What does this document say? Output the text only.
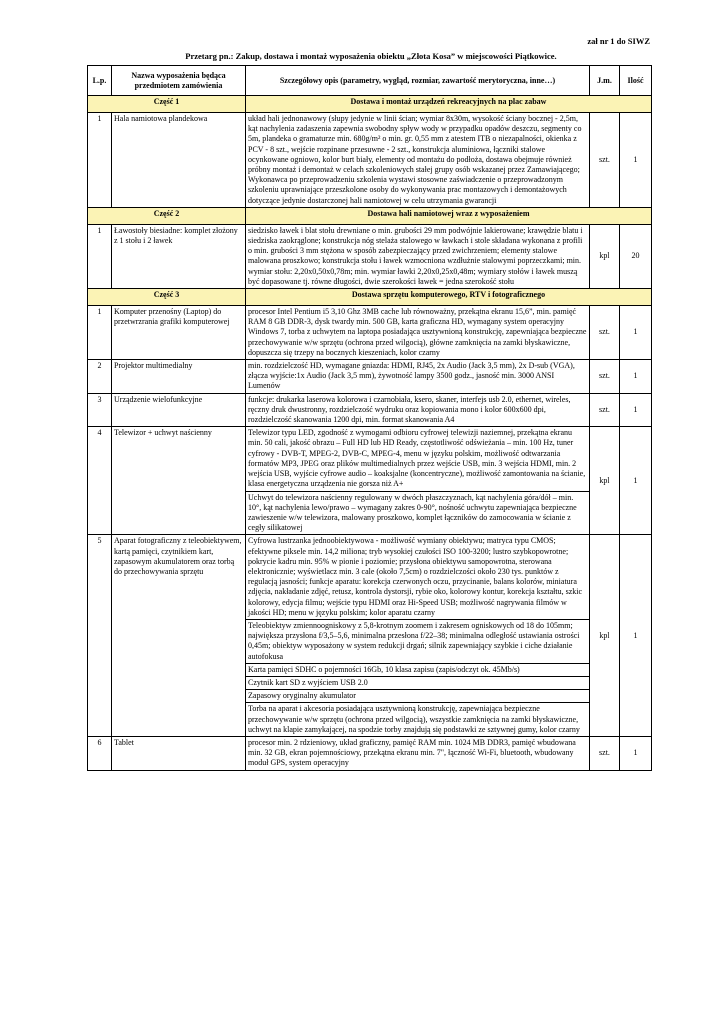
zał nr 1 do SIWZ
Przetarg pn.: Zakup, dostawa i montaż wyposażenia obiektu „Złota Kosa” w miejscowości Piątkowice.
L.p.	Nazwa wyposażenia będąca przedmiotem zamówienia	Szczegółowy opis (parametry, wygląd, rozmiar, zawartość merytoryczna, inne…)	J.m.	Ilość
Część 1		Dostawa i montaż urządzeń rekreacyjnych na plac zabaw		
1	Hala namiotowa plandekowa	układ hali jednonawowy (słupy jedynie w linii ścian; wymiar 8x30m, wysokość ściany bocznej - 2,5m, kąt nachylenia zadaszenia zapewnia swobodny spływ wody w przypadku opadów deszczu, segmenty co 5m, plandeka o gramaturze min. 680g/m² o min. gr. 0,55 mm z atestem ITB o niezapalności, okienka z PCV - 8 szt., wejście rozpinane przesuwne - 2 szt., konstrukcja aluminiowa, łączniki stalowe ocynkowane ogniowo, kolor burt biały, elementy od montażu do podłoża, dostawa obejmuje również próbny montaż i demontaż w celach szkoleniowych stałej grupy osób wskazanej przez Zamawiającego; Wykonawca po przeprowadzeniu szkolenia wystawi stosowne zaświadczenie o przeprowadzonym szkoleniu uprawniające przeszkolone osoby do wykonywania prac montazowych i demontażowych dotyczące jedynie dostarczonej hali namiotowej w celu utrzymania gwarancji	szt.	1
Część 2		Dostawa hali namiotowej wraz z wyposażeniem		
1	Ławostoły biesiadne: komplet złożony z 1 stołu i 2 ławek	siedzisko ławek i blat stołu drewniane o min. grubości 29 mm podwójnie lakierowane; krawędzie blatu i siedziska zaokrąglone; konstrukcja nóg stelaża stalowego w ławkach i stole składana wykonana z profili o min. grubości 3 mm stężona w sposób zabezpieczający przed zwichrzeniem; elementy stalowe malowana proszkowo; konstrukcja stołu i ławek wzmocniona wzdłużnie stalowymi poprzeczkami; min. wymiar stołu: 2,20x0,50x0,78m; min. wymiar ławki 2,20x0,25x0,48m; wymiary stołów i ławek muszą być dopasowane tj. równe długości, dwie szerokości ławek = jedna szerokość stołu	kpl	20
Część 3		Dostawa sprzętu komputerowego, RTV i fotograficznego		
1	Komputer przenośny (Laptop) do przetwrzrania grafiki komputerowej	procesor Intel Pentium i5 3,10 Ghz 3MB cache lub równoważny, przekątna ekranu 15,6”, min. pamięć RAM 8 GB DDR-3, dysk twardy min. 500 GB, karta graficzna HD, wymagany system operacyjny Windows 7, torba z uchwytem na laptopa posiadająca usztywnioną konstrukcję, zapewniająca bezpieczne przechowywanie w/w sprzętu (ochrona przed wilgocią), główne zamknięcia na zamki błyskawiczne, dopuszcza się trzepy na bocznych kieszeniach, kolor czarny	szt.	1
2	Projektor multimedialny	min. rozdzielczość HD, wymagane gniazda: HDMI, RJ45, 2x Audio (Jack 3,5 mm), 2x D-sub (VGA), złącza wyjście:1x Audio (Jack 3,5 mm), żywotność lampy 3500 godz., jasność min. 3000 ANSI Lumenów	szt.	1
3	Urządzenie wielofunkcyjne	funkcje: drukarka laserowa kolorowa i czarnobiała, ksero, skaner, interfejs usb 2.0, ethernet, wireles, ręczny druk dwustronny, rozdzielczość wydruku oraz kopiowania mono i kolor 600x600 dpi, rozdzielczość skanowania 1200 dpi, min. format skanowania A4	szt.	1
4	Telewizor + uchwyt naścienny	Telewizor typu LED, zgodność z wymogami odbioru cyfrowej telewizji naziemnej, przekątna ekranu min. 50 cali, jakość obrazu – Full HD lub HD Ready, częstotliwość odświeżania – min. 100 Hz, tuner cyfrowy - DVB-T, MPEG-2, DVB-C, MPEG-4, menu w języku polskim, możliwość odtwarzania formatów MP3, JPEG oraz plików multimedialnych przez wejście USB, min. 3 wejścia HDMI, min. 2 wejścia USB, wyjście cyfrowe audio – koaksjalne (koncentryczne), możliwość zamontowania na ścianie, klasa energetyczna urządzenia nie gorsza niż A+	kpl	1
		Uchwyt do telewizora naścienny regulowany w dwóch płaszczyznach, kąt nachylenia góra/dół – min. 10°, kąt nachylenia lewo/prawo – wymagany zakres 0-90°, nośność uchwytu zapewniająca bezpieczne zawieszenie w/w telewizora, malowany proszkowo, komplet łączników do zamocowania w ścianie z cegły silikatowej		
5	Aparat fotograficzny z teleobiektywem, kartą pamięci, czytnikiem kart, zapasowym akumulatorem oraz torbą do przechowywania sprzętu	Cyfrowa lustrzanka jednoobiektywowa - możliwość wymiany obiektywu; matryca typu CMOS; efektywne piksele min. 14,2 miliona; tryb wysokiej czułości ISO 100-3200; lustro szybkopowrotne; pokrycie kadru min. 95% w pionie i poziomie; przysłona obiektywu samopowrotna, sterowana elektronicznie; wyświetlacz min. 3 cale (około 7,5cm) o rozdzielczości około 230 tys. punktów z regulacją jasności; funkcje aparatu: korekcja czerwonych oczu, przycinanie, balans kolorów, miniatura zdjęcia, nakładanie zdjęć, retusz, kontrola dystorsji, rybie oko, kolorowy kontur, korekcja kształtu, szkic kolorowy, edycja filmu; wejście typu HDMI oraz Hi-Speed USB; możliwość nagrywania filmów w jakości HD; menu w języku polskim; kolor aparatu czarny	kpl	1
		Teleobiektyw zmiennoogniskowy z 5,8-krotnym zoomem i zakresem ogniskowych od 18 do 105mm; największa przysłona f/3,5–5,6, minimalna przesłona f/22–38; minimalna odległość ustawiania ostrości 0,45m; obiektyw wyposażony w system redukcji drgań; silnik zapewniający szybkie i ciche działanie autofokusa		
		Karta pamięci SDHC o pojemności 16Gb, 10 klasa zapisu (zapis/odczyt ok. 45Mb/s)		
		Czytnik kart SD z wyjściem USB 2.0		
		Zapasowy oryginalny akumulator		
		Torba na aparat i akcesoria posiadająca usztywnioną konstrukcję, zapewniająca bezpieczne przechowywanie w/w sprzętu (ochrona przed wilgocią), wszystkie zamknięcia na zamki błyskawiczne, uchwyt na klapie zamykającej, na spodzie torby znajdują się podstawki ze sztywnej gumy, kolor czarny		
6	Tablet	procesor min. 2 rdzieniowy, układ graficzny, pamięć RAM min. 1024 MB DDR3, pamięć wbudowana min. 32 GB, ekran pojemnościowy, przekątna ekranu min. 7", łączność Wi-Fi, bluetooth, wbudowany moduł GPS, system operacyjny	szt.	1
